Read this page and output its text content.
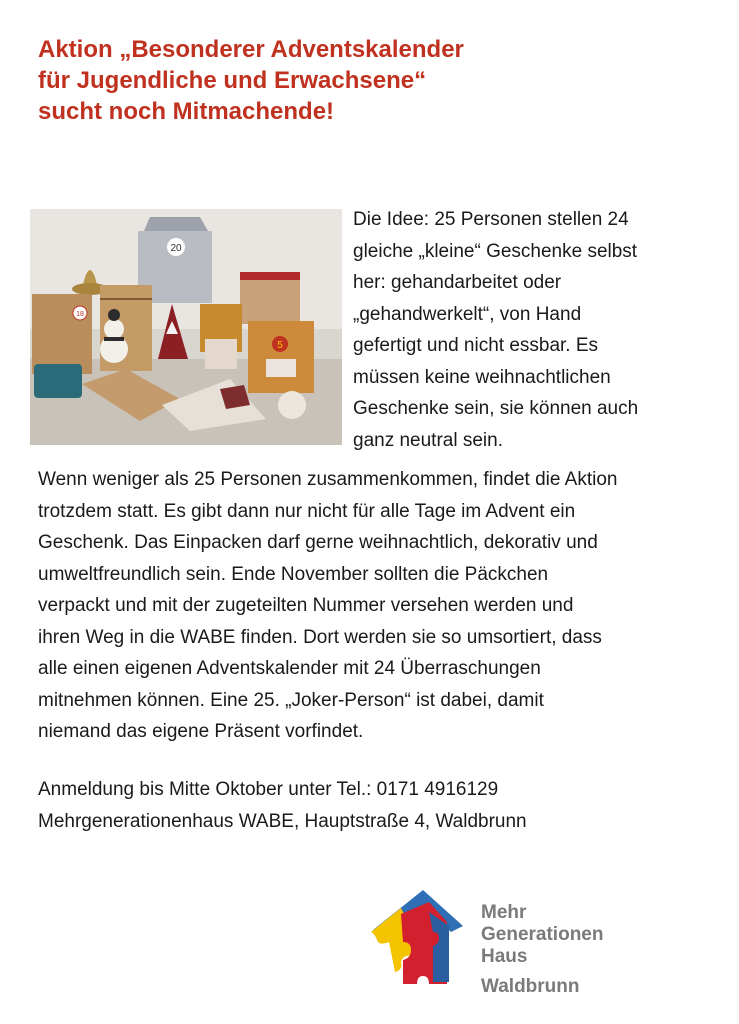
Aktion „Besonderer Adventskalender
für Jugendliche und Erwachsene“
sucht noch Mitmachende!
20
18
5
Die Idee: 25 Personen stellen 24
gleiche „kleine“ Geschenke selbst
her: gehandarbeitet oder
„gehandwerkelt“, von Hand
gefertigt und nicht essbar. Es
müssen keine weihnachtlichen
Geschenke sein, sie können auch
ganz neutral sein.
Wenn weniger als 25 Personen zusammenkommen, findet die Aktion
trotzdem statt. Es gibt dann nur nicht für alle Tage im Advent ein
Geschenk. Das Einpacken darf gerne weihnachtlich, dekorativ und
umweltfreundlich sein. Ende November sollten die Päckchen
verpackt und mit der zugeteilten Nummer versehen werden und
ihren Weg in die WABE finden. Dort werden sie so umsortiert, dass
alle einen eigenen Adventskalender mit 24 Überraschungen
mitnehmen können. Eine 25. „Joker-Person“ ist dabei, damit
niemand das eigene Präsent vorfindet.
Anmeldung bis Mitte Oktober unter Tel.: 0171 4916129
Mehrgenerationenhaus WABE, Hauptstraße 4, Waldbrunn
Mehr
Generationen
Haus
Waldbrunn
